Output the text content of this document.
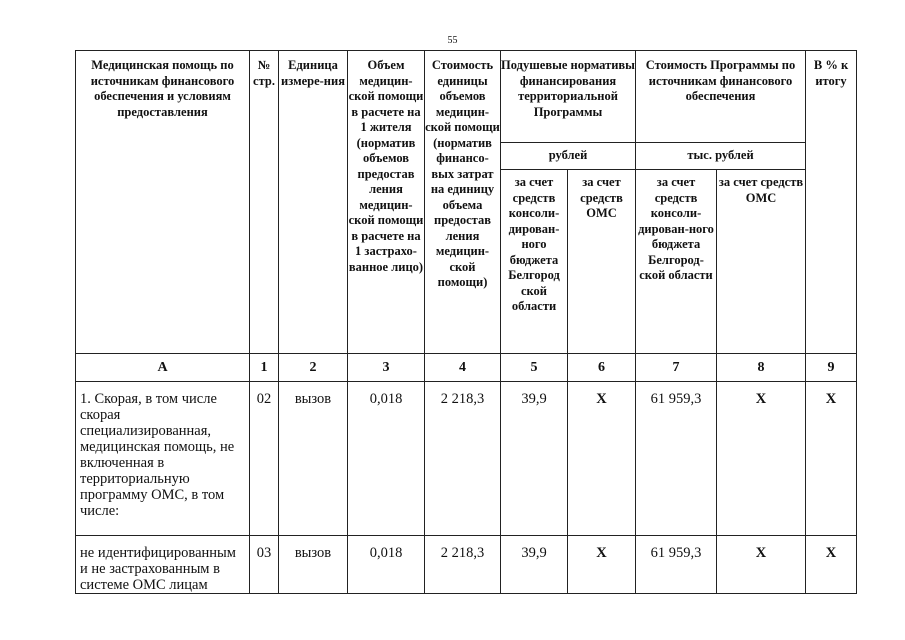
55
Медицинская помощь по источникам финансового обеспечения и условиям предоставления	№ стр.	Единица измере-ния	Объем медицин-ской помощи в расчете на 1 жителя (норматив объемов предостав ления медицин-ской помощи в расчете на 1 застрахо-ванное лицо)	Стоимость единицы объемов медицин-ской помощи (норматив финансо-вых затрат на единицу объема предостав ления медицин-ской помощи)	Подушевые нормативы финансирования территориальной Программы		Стоимость Программы по источникам финансового обеспечения		В % к итогу
					рублей		тыс. рублей		
					за счет средств консоли-дирован-ного бюджета Белгород ской области	за счет средств ОМС	за счет средств консоли-дирован-ного бюджета Белгород-ской области	за счет средств ОМС	
А	1	2	3	4	5	6	7	8	9
1. Скорая, в том числе скорая специализированная, медицинская помощь, не включенная в территориальную программу ОМС, в том числе:	02	вызов	0,018	2 218,3	39,9	Х	61 959,3	Х	Х
не идентифицированным и не застрахованным в системе ОМС лицам	03	вызов	0,018	2 218,3	39,9	Х	61 959,3	Х	Х
